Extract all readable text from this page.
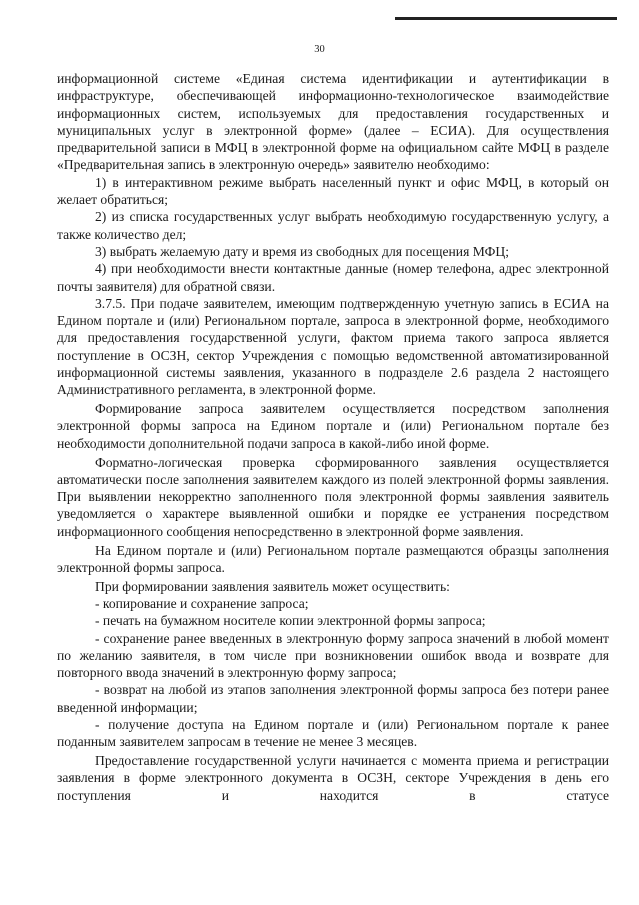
30

информационной системе «Единая система идентификации и аутентификации в инфраструктуре, обеспечивающей информационно-технологическое взаимодействие информационных систем, используемых для предоставления государственных и муниципальных услуг в электронной форме» (далее – ЕСИА). Для осуществления предварительной записи в МФЦ в электронной форме на официальном сайте МФЦ в разделе «Предварительная запись в электронную очередь» заявителю необходимо:

1) в интерактивном режиме выбрать населенный пункт и офис МФЦ, в который он желает обратиться;

2) из списка государственных услуг выбрать необходимую государственную услугу, а также количество дел;

3) выбрать желаемую дату и время из свободных для посещения МФЦ;

4) при необходимости внести контактные данные (номер телефона, адрес электронной почты заявителя) для обратной связи.

3.7.5. При подаче заявителем, имеющим подтвержденную учетную запись в ЕСИА на Едином портале и (или) Региональном портале, запроса в электронной форме, необходимого для предоставления государственной услуги, фактом приема такого запроса является поступление в ОСЗН, сектор Учреждения с помощью ведомственной автоматизированной информационной системы заявления, указанного в подразделе 2.6 раздела 2 настоящего Административного регламента, в электронной форме.

Формирование запроса заявителем осуществляется посредством заполнения электронной формы запроса на Едином портале и (или) Региональном портале без необходимости дополнительной подачи запроса в какой-либо иной форме.

Форматно-логическая проверка сформированного заявления осуществляется автоматически после заполнения заявителем каждого из полей электронной формы заявления. При выявлении некорректно заполненного поля электронной формы заявления заявитель уведомляется о характере выявленной ошибки и порядке ее устранения посредством информационного сообщения непосредственно в электронной форме заявления.

На Едином портале и (или) Региональном портале размещаются образцы заполнения электронной формы запроса.

При формировании заявления заявитель может осуществить:

- копирование и сохранение запроса;

- печать на бумажном носителе копии электронной формы запроса;

- сохранение ранее введенных в электронную форму запроса значений в любой момент по желанию заявителя, в том числе при возникновении ошибок ввода и возврате для повторного ввода значений в электронную форму запроса;

- возврат на любой из этапов заполнения электронной формы запроса без потери ранее введенной информации;

- получение доступа на Едином портале и (или) Региональном портале к ранее поданным заявителем запросам в течение не менее 3 месяцев.

Предоставление государственной услуги начинается с момента приема и регистрации заявления в форме электронного документа в ОСЗН, секторе Учреждения в день его поступления и находится в статусе
